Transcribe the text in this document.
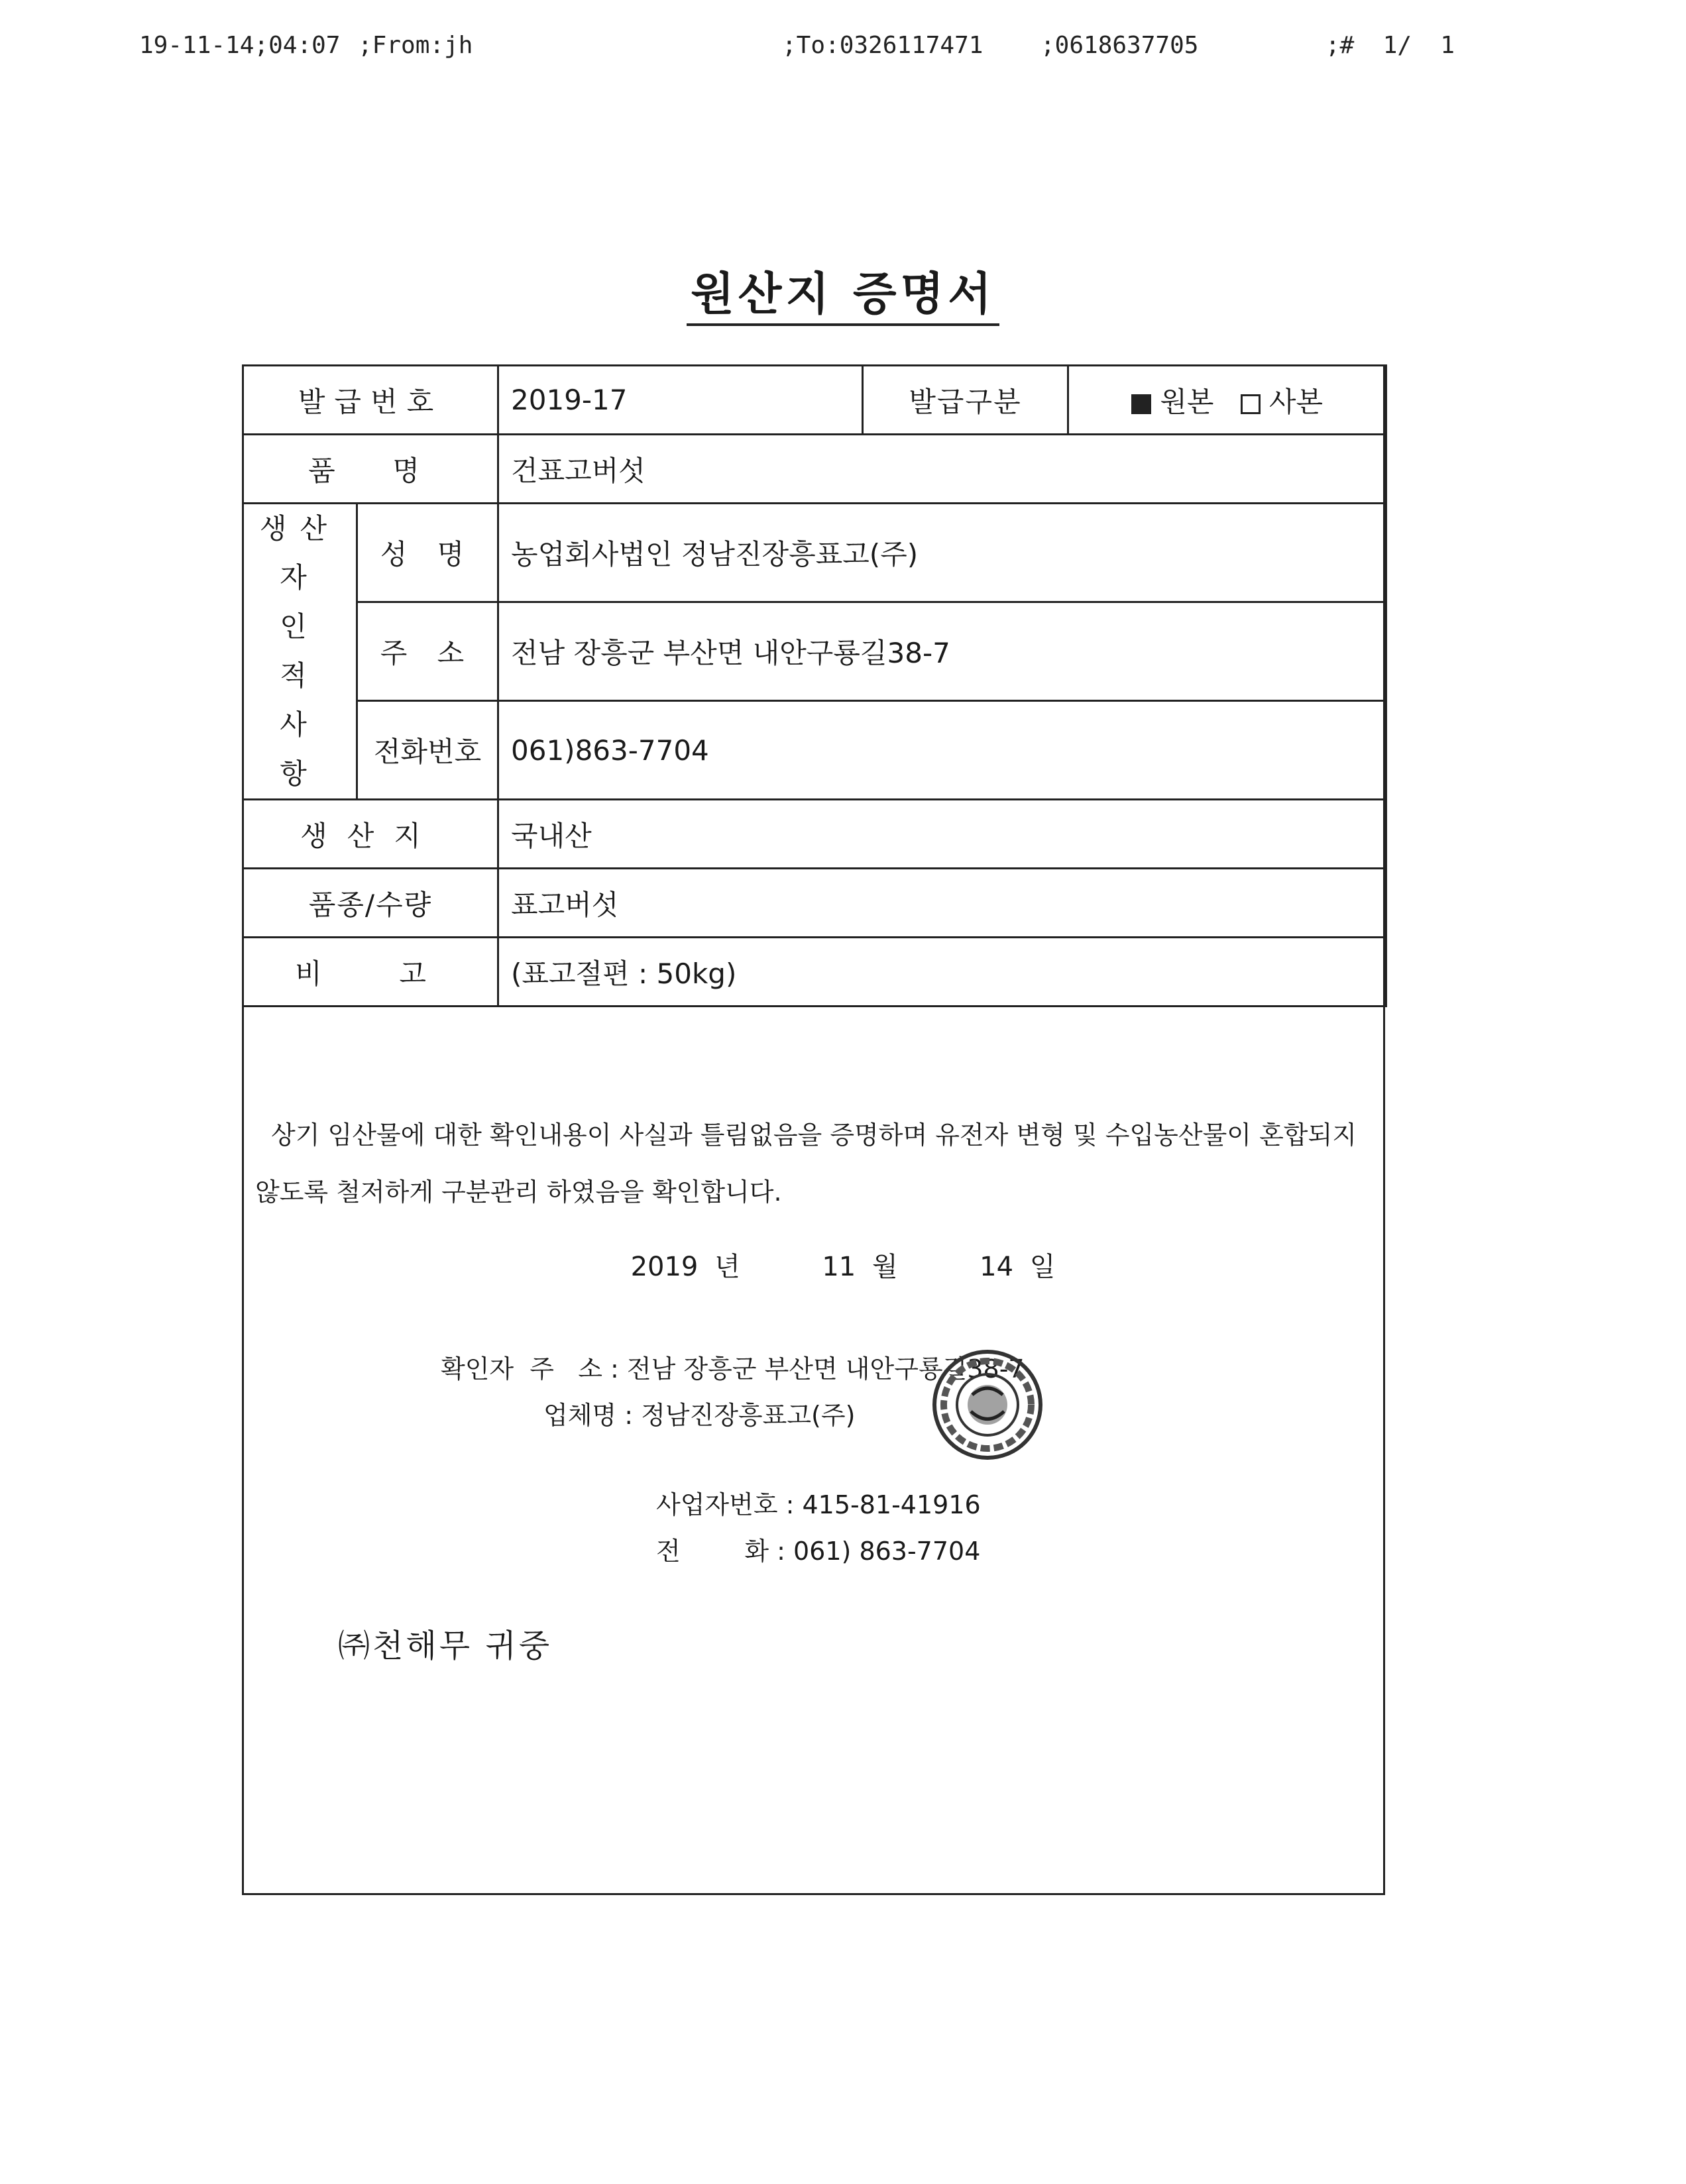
19-11-14;04:07 ;From:jh	;To:0326117471 ;0618637705	;#  1/  1
원산지 증명서
발급번호		2019-17	발급구분	원본 사본
품  명		건표고버섯		

생산자
인 적
사 항	성 명	농업회사법인 정남진장흥표고(주)		
	주 소	전남 장흥군 부산면 내안구룡길38-7		
	전화번호	061)863-7704		
생산지		국내산		
품종/수량		표고버섯		
비  고		(표고절편 : 50kg)		
상기 임산물에 대한 확인내용이 사실과 틀림없음을 증명하며 유전자 변형 및 수입농산물이 혼합되지 않도록 철저하게 구분관리 하였음을 확인합니다.
2019 년	11 월	14 일
확인자  주   소 : 전남 장흥군 부산면 내안구룡길38-7
업체명 : 정남진장흥표고(주)
사업자번호 : 415-81-41916
전        화 : 061) 863-7704
㈜천해무 귀중
